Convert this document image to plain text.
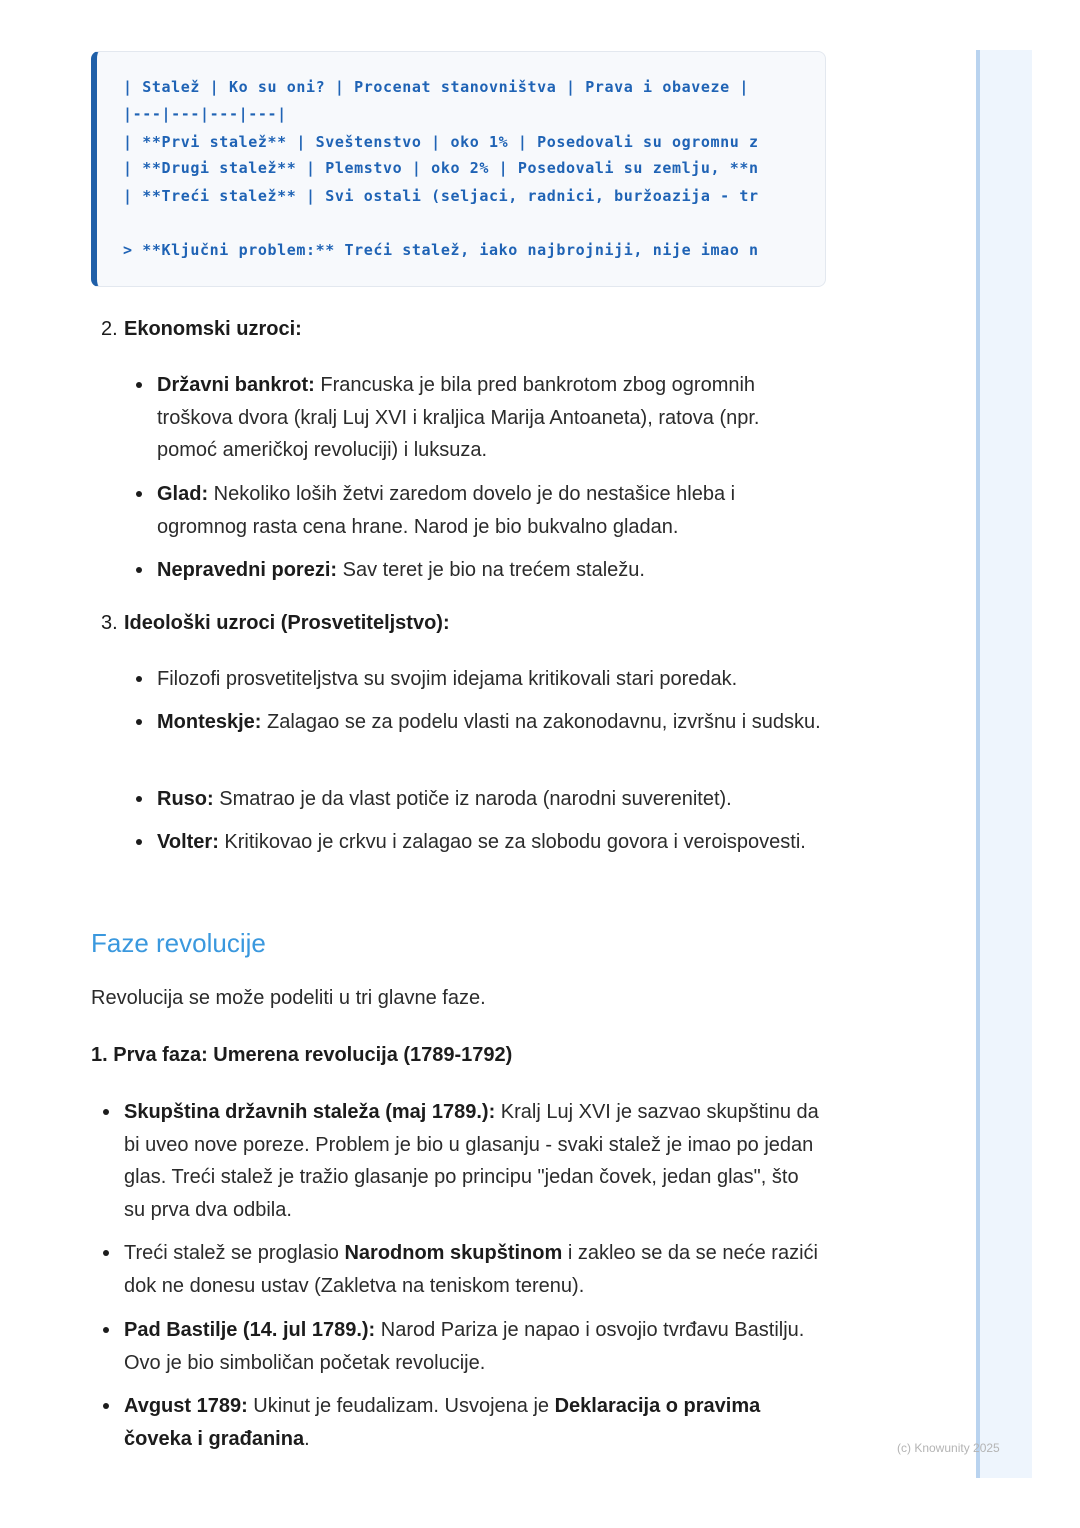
| Stalež | Ko su oni? | Procenat stanovništva | Prava i obaveze |
|---|---|---|---|
| **Prvi stalež** | Sveštenstvo | oko 1% | Posedovali su ogromnu z
| **Drugi stalež** | Plemstvo | oko 2% | Posedovali su zemlju, **n
| **Treći stalež** | Svi ostali (seljaci, radnici, buržoazija - tr
> **Ključni problem:** Treći stalež, iako najbrojniji, nije imao n
2. Ekonomski uzroci:
Državni bankrot: Francuska je bila pred bankrotom zbog ogromnih troškova dvora (kralj Luj XVI i kraljica Marija Antoaneta), ratova (npr. pomoć američkoj revoluciji) i luksuza.
Glad: Nekoliko loših žetvi zaredom dovelo je do nestašice hleba i ogromnog rasta cena hrane. Narod je bio bukvalno gladan.
Nepravedni porezi: Sav teret je bio na trećem staležu.
3. Ideološki uzroci (Prosvetiteljstvo):
Filozofi prosvetiteljstva su svojim idejama kritikovali stari poredak.
Monteskje: Zalagao se za podelu vlasti na zakonodavnu, izvršnu i sudsku.
Ruso: Smatrao je da vlast potiče iz naroda (narodni suverenitet).
Volter: Kritikovao je crkvu i zalagao se za slobodu govora i veroispovesti.
Faze revolucije
Revolucija se može podeliti u tri glavne faze.
1. Prva faza: Umerena revolucija (1789-1792)
Skupština državnih staleža (maj 1789.): Kralj Luj XVI je sazvao skupštinu da bi uveo nove poreze. Problem je bio u glasanju - svaki stalež je imao po jedan glas. Treći stalež je tražio glasanje po principu "jedan čovek, jedan glas", što su prva dva odbila.
Treći stalež se proglasio Narodnom skupštinom i zakleo se da se neće razići dok ne donesu ustav (Zakletva na teniskom terenu).
Pad Bastilje (14. jul 1789.): Narod Pariza je napao i osvojio tvrđavu Bastilju. Ovo je bio simboličan početak revolucije.
Avgust 1789: Ukinut je feudalizam. Usvojena je Deklaracija o pravima čoveka i građanina.	(c) Knowunity 2025
